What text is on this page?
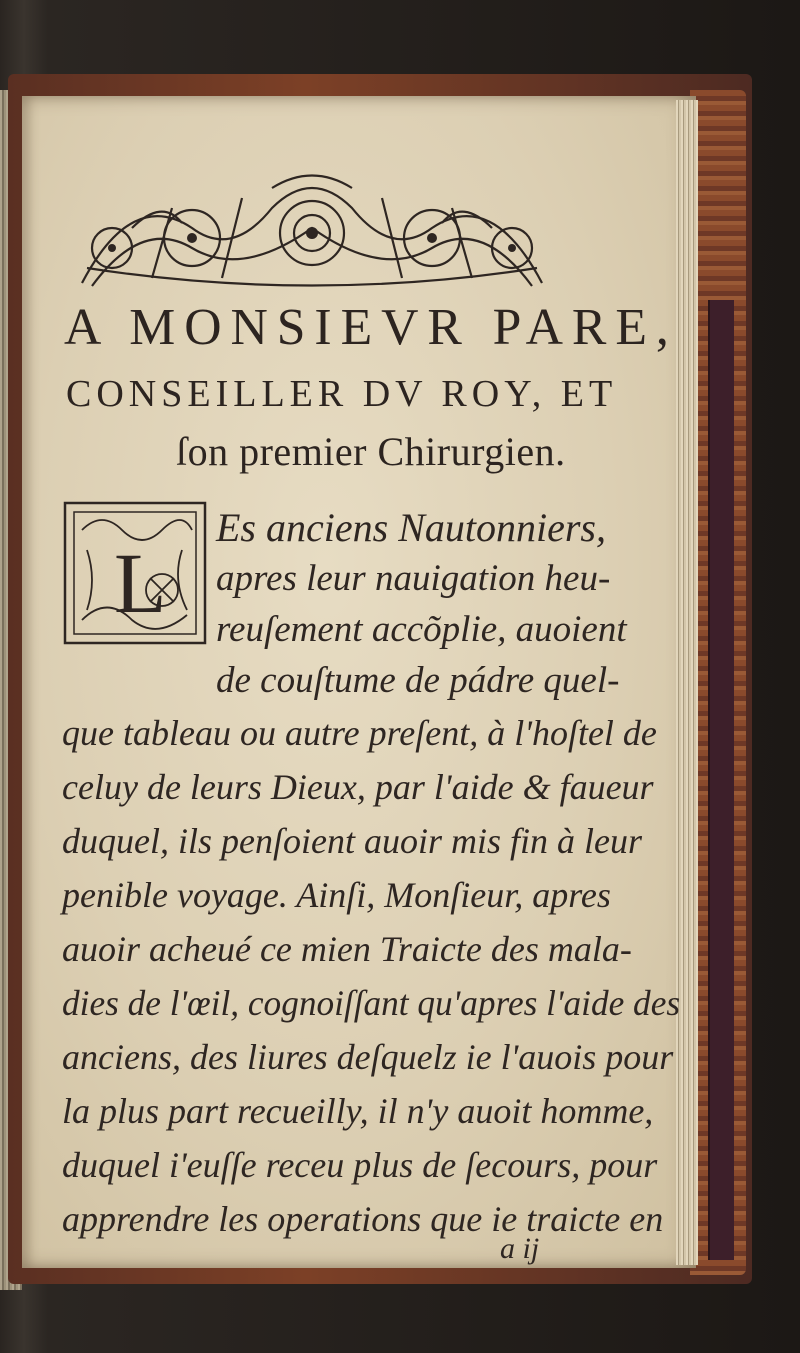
A MONSIEVR PARE,
CONSEILLER DV ROY, ET
ſon premier Chirurgien.
L
Es anciens Nautonniers,
apres leur nauigation heu-
reuſement accõplie, auoient
de couſtume de pádre quel-
que tableau ou autre preſent, à l'hoſtel de
celuy de leurs Dieux, par l'aide & faueur
duquel, ils penſoient auoir mis fin à leur
penible voyage. Ainſi, Monſieur, apres
auoir acheué ce mien Traicte des mala-
dies de l'œil, cognoiſſant qu'apres l'aide des
anciens, des liures deſquelz ie l'auois pour
la plus part recueilly, il n'y auoit homme,
duquel i'euſſe receu plus de ſecours, pour
apprendre les operations que ie traicte en
a ij
